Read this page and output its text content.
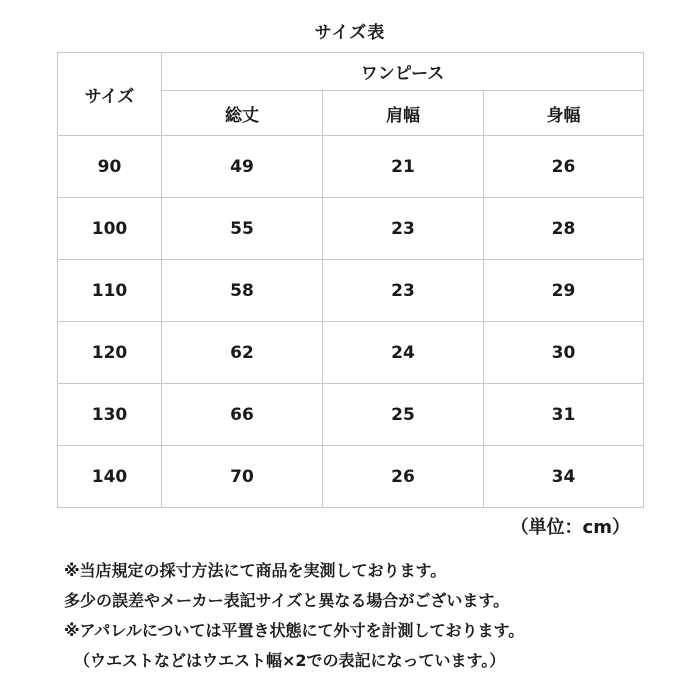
サイズ表
サイズ	ワンピース		
	総丈	肩幅	身幅
90	49	21	26
100	55	23	28
110	58	23	29
120	62	24	30
130	66	25	31
140	70	26	34
（単位：cm）
※当店規定の採寸方法にて商品を実測しております。
多少の誤差やメーカー表記サイズと異なる場合がございます。
※アパレルについては平置き状態にて外寸を計測しております。
（ウエストなどはウエスト幅×2での表記になっています。）
